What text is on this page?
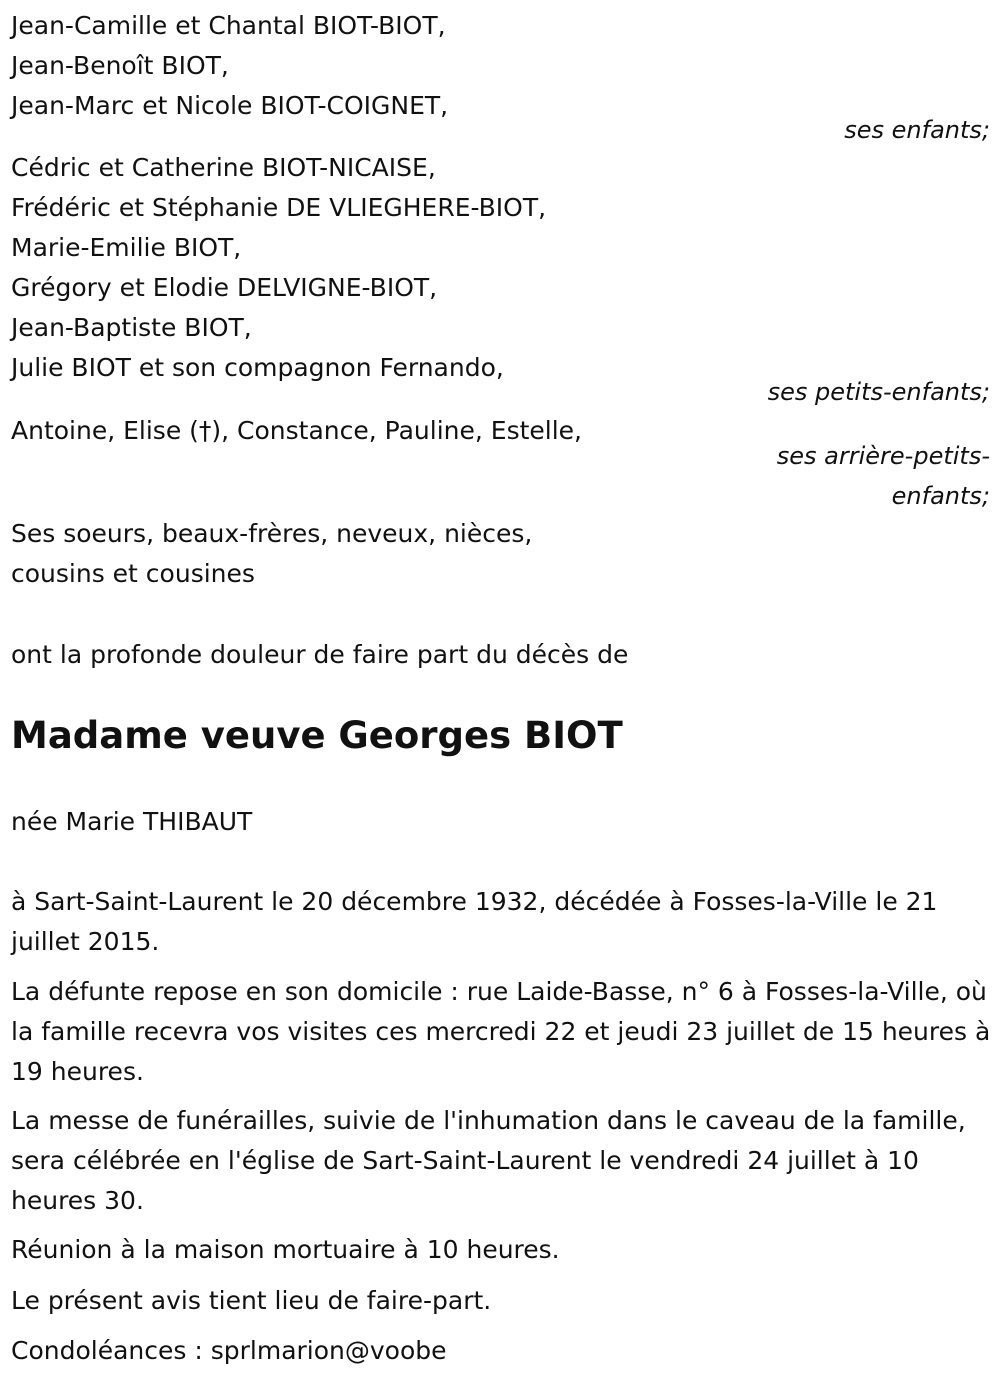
Jean-Camille et Chantal BIOT-BIOT,
Jean-Benoît BIOT,
Jean-Marc et Nicole BIOT-COIGNET,
ses enfants;
Cédric et Catherine BIOT-NICAISE,
Frédéric et Stéphanie DE VLIEGHERE-BIOT,
Marie-Emilie BIOT,
Grégory et Elodie DELVIGNE-BIOT,
Jean-Baptiste BIOT,
Julie BIOT et son compagnon Fernando,
ses petits-enfants;
Antoine, Elise (†), Constance, Pauline, Estelle,
ses arrière-petits-
enfants;
Ses soeurs, beaux-frères, neveux, nièces,
cousins et cousines
ont la profonde douleur de faire part du décès de
Madame veuve Georges BIOT
née Marie THIBAUT
à Sart-Saint-Laurent le 20 décembre 1932, décédée à Fosses-la-Ville le 21 juillet 2015.
La défunte repose en son domicile : rue Laide-Basse, n° 6 à Fosses-la-Ville, où la famille recevra vos visites ces mercredi 22 et jeudi 23 juillet de 15 heures à 19 heures.
La messe de funérailles, suivie de l'inhumation dans le caveau de la famille, sera célébrée en l'église de Sart-Saint-Laurent le vendredi 24 juillet à 10 heures 30.
Réunion à la maison mortuaire à 10 heures.
Le présent avis tient lieu de faire-part.
Condoléances : sprlmarion@voobe
